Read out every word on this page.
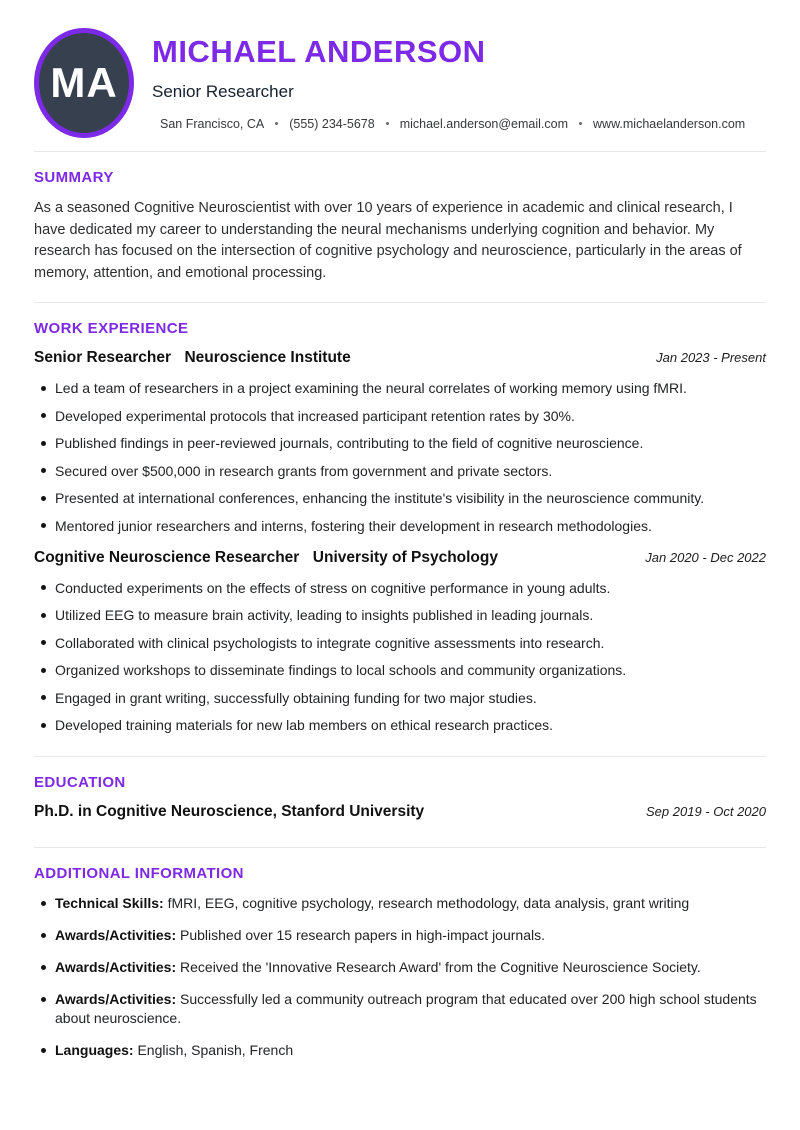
MA
MICHAEL ANDERSON
Senior Researcher
San Francisco, CA (555) 234-5678 michael.anderson@email.com www.michaelanderson.com
SUMMARY

As a seasoned Cognitive Neuroscientist with over 10 years of experience in academic and clinical research, I have dedicated my career to understanding the neural mechanisms underlying cognition and behavior. My research has focused on the intersection of cognitive psychology and neuroscience, particularly in the areas of memory, attention, and emotional processing.

WORK EXPERIENCE
Senior Researcher Neuroscience Institute	Jan 2023 - Present
Led a team of researchers in a project examining the neural correlates of working memory using fMRI.
Developed experimental protocols that increased participant retention rates by 30%.
Published findings in peer-reviewed journals, contributing to the field of cognitive neuroscience.
Secured over $500,000 in research grants from government and private sectors.
Presented at international conferences, enhancing the institute's visibility in the neuroscience community.
Mentored junior researchers and interns, fostering their development in research methodologies.
Cognitive Neuroscience Researcher University of Psychology	Jan 2020 - Dec 2022
Conducted experiments on the effects of stress on cognitive performance in young adults.
Utilized EEG to measure brain activity, leading to insights published in leading journals.
Collaborated with clinical psychologists to integrate cognitive assessments into research.
Organized workshops to disseminate findings to local schools and community organizations.
Engaged in grant writing, successfully obtaining funding for two major studies.
Developed training materials for new lab members on ethical research practices.
EDUCATION
Ph.D. in Cognitive Neuroscience, Stanford University	Sep 2019 - Oct 2020
ADDITIONAL INFORMATION
Technical Skills: fMRI, EEG, cognitive psychology, research methodology, data analysis, grant writing
Awards/Activities: Published over 15 research papers in high-impact journals.
Awards/Activities: Received the 'Innovative Research Award' from the Cognitive Neuroscience Society.
Awards/Activities: Successfully led a community outreach program that educated over 200 high school students about neuroscience.
Languages: English, Spanish, French
